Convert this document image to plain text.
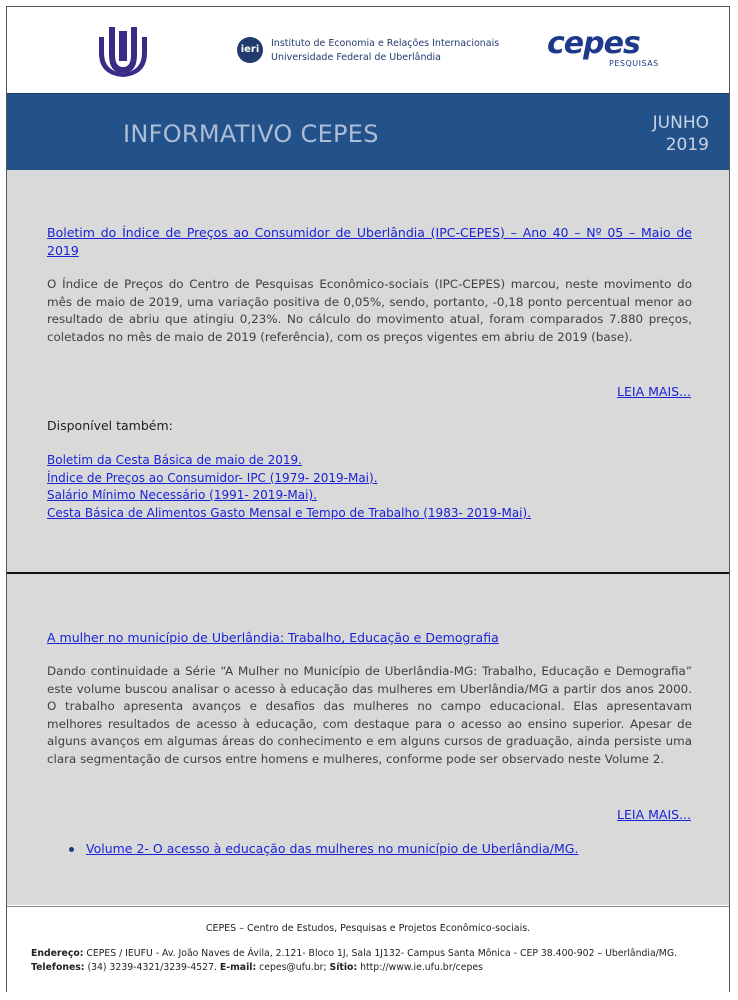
ieri
Instituto de Economia e Relações Internacionais
Universidade Federal de Uberlândia	cepes
PESQUISAS
INFORMATIVO CEPES	JUNHO
2019
Boletim do Índice de Preços ao Consumidor de Uberlândia (IPC-CEPES) – Ano 40 – Nº 05 – Maio de 2019

O Índice de Preços do Centro de Pesquisas Econômico-sociais (IPC-CEPES) marcou, neste movimento do mês de maio de 2019, uma variação positiva de 0,05%, sendo, portanto, -0,18 ponto percentual menor ao resultado de abriu que atingiu 0,23%. No cálculo do movimento atual, foram comparados 7.880 preços, coletados no mês de maio de 2019 (referência), com os preços vigentes em abriu de 2019 (base).

LEIA MAIS...
Disponível também:
Boletim da Cesta Básica de maio de 2019.
Índice de Preços ao Consumidor- IPC (1979- 2019-Mai).
Salário Mínimo Necessário (1991- 2019-Mai).
Cesta Básica de Alimentos Gasto Mensal e Tempo de Trabalho (1983- 2019-Mai).
A mulher no município de Uberlândia: Trabalho, Educação e Demografia

Dando continuidade a Série “A Mulher no Município de Uberlândia-MG: Trabalho, Educação e Demografia” este volume buscou analisar o acesso à educação das mulheres em Uberlândia/MG a partir dos anos 2000. O trabalho apresenta avanços e desafios das mulheres no campo educacional. Elas apresentavam melhores resultados de acesso à educação, com destaque para o acesso ao ensino superior. Apesar de alguns avanços em algumas áreas do conhecimento e em alguns cursos de graduação, ainda persiste uma clara segmentação de cursos entre homens e mulheres, conforme pode ser observado neste Volume 2.

LEIA MAIS...
Volume 2- O acesso à educação das mulheres no município de Uberlândia/MG.
CEPES – Centro de Estudos, Pesquisas e Projetos Econômico-sociais.
Endereço: CEPES / IEUFU - Av. João Naves de Ávila, 2.121- Bloco 1J, Sala 1J132- Campus Santa Mônica - CEP 38.400-902 – Uberlândia/MG.
Telefones: (34) 3239-4321/3239-4527. E-mail: cepes@ufu.br; Sítio: http://www.ie.ufu.br/cepes
